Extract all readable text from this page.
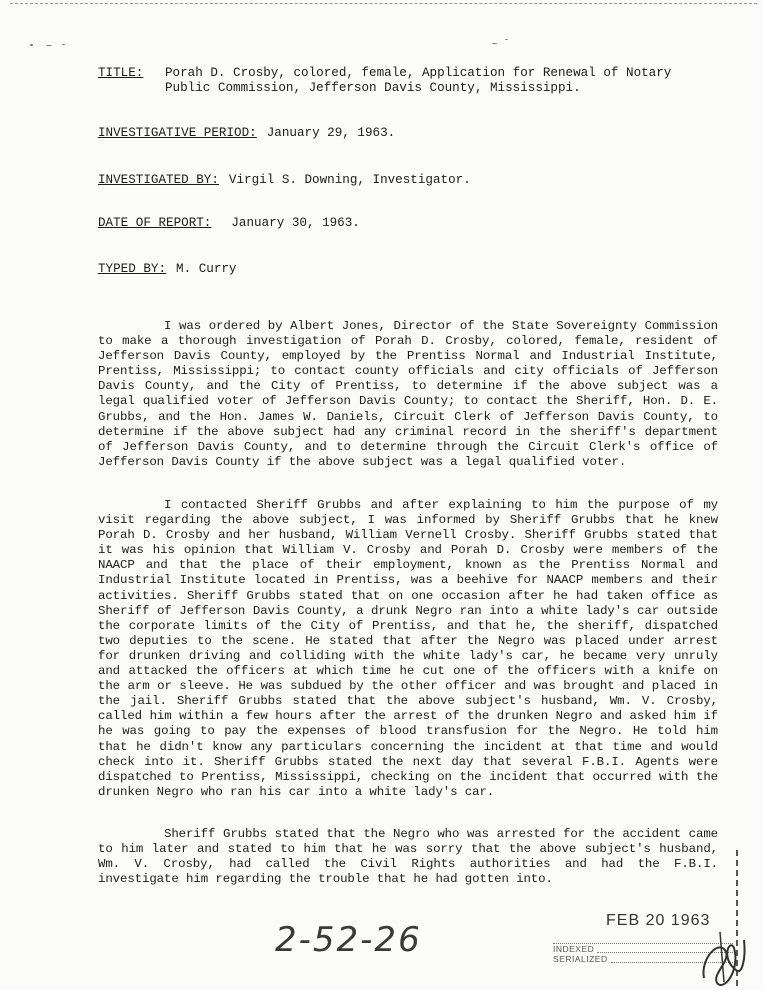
TITLE:	Porah D. Crosby, colored, female, Application for Renewal of Notary
Public Commission, Jefferson Davis County, Mississippi.
INVESTIGATIVE PERIOD: January 29, 1963.
INVESTIGATED BY: Virgil S. Downing, Investigator.
DATE OF REPORT: January 30, 1963.
TYPED BY: M. Curry

I was ordered by Albert Jones, Director of the State Sovereignty Commission to make a thorough investigation of Porah D. Crosby, colored, female, resident of Jefferson Davis County, employed by the Prentiss Normal and Industrial Institute, Prentiss, Mississippi; to contact county officials and city officials of Jefferson Davis County, and the City of Prentiss, to determine if the above subject was a legal qualified voter of Jefferson Davis County; to contact the Sheriff, Hon. D. E. Grubbs, and the Hon. James W. Daniels, Circuit Clerk of Jefferson Davis County, to determine if the above subject had any criminal record in the sheriff's department of Jefferson Davis County, and to determine through the Circuit Clerk's office of Jefferson Davis County if the above subject was a legal qualified voter.

I contacted Sheriff Grubbs and after explaining to him the purpose of my visit regarding the above subject, I was informed by Sheriff Grubbs that he knew Porah D. Crosby and her husband, William Vernell Crosby. Sheriff Grubbs stated that it was his opinion that William V. Crosby and Porah D. Crosby were members of the NAACP and that the place of their employment, known as the Prentiss Normal and Industrial Institute located in Prentiss, was a beehive for NAACP members and their activities. Sheriff Grubbs stated that on one occasion after he had taken office as Sheriff of Jefferson Davis County, a drunk Negro ran into a white lady's car outside the corporate limits of the City of Prentiss, and that he, the sheriff, dispatched two deputies to the scene. He stated that after the Negro was placed under arrest for drunken driving and colliding with the white lady's car, he became very unruly and attacked the officers at which time he cut one of the officers with a knife on the arm or sleeve. He was subdued by the other officer and was brought and placed in the jail. Sheriff Grubbs stated that the above subject's husband, Wm. V. Crosby, called him within a few hours after the arrest of the drunken Negro and asked him if he was going to pay the expenses of blood transfusion for the Negro. He told him that he didn't know any particulars concerning the incident at that time and would check into it. Sheriff Grubbs stated the next day that several F.B.I. Agents were dispatched to Prentiss, Mississippi, checking on the incident that occurred with the drunken Negro who ran his car into a white lady's car.

Sheriff Grubbs stated that the Negro who was arrested for the accident came to him later and stated to him that he was sorry that the above subject's husband, Wm. V. Crosby, had called the Civil Rights authorities and had the F.B.I. investigate him regarding the trouble that he had gotten into.

2-52-26	FEB 20 1963
INDEXED
SERIALIZED
